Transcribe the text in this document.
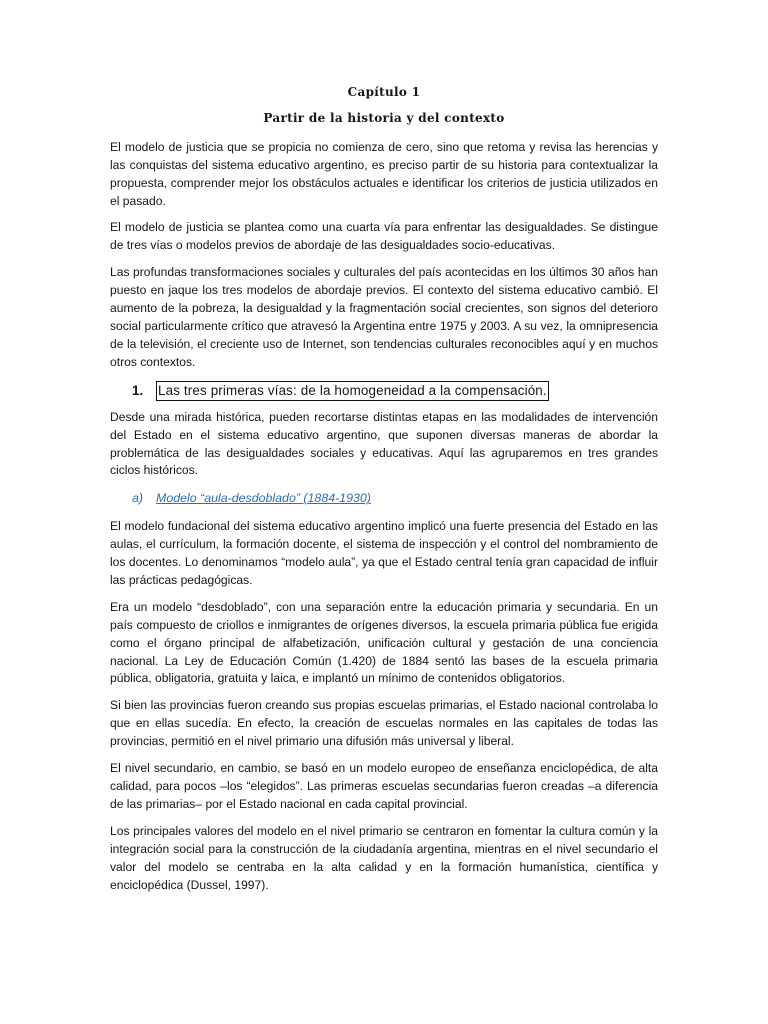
Capítulo 1
Partir de la historia y del contexto

El modelo de justicia que se propicia no comienza de cero, sino que retoma y revisa las herencias y las conquistas del sistema educativo argentino, es preciso partir de su historia para contextualizar la propuesta, comprender mejor los obstáculos actuales e identificar los criterios de justicia utilizados en el pasado.

El modelo de justicia se plantea como una cuarta vía para enfrentar las desigualdades. Se distingue de tres vías o modelos previos de abordaje de las desigualdades socio-educativas.

Las profundas transformaciones sociales y culturales del país acontecidas en los últimos 30 años han puesto en jaque los tres modelos de abordaje previos. El contexto del sistema educativo cambió. El aumento de la pobreza, la desigualdad y la fragmentación social crecientes, son signos del deterioro social particularmente crítico que atravesó la Argentina entre 1975 y 2003. A su vez, la omnipresencia de la televisión, el creciente uso de Internet, son tendencias culturales reconocibles aquí y en muchos otros contextos.

1.	Las tres primeras vías: de la homogeneidad a la compensación.

Desde una mirada histórica, pueden recortarse distintas etapas en las modalidades de intervención del Estado en el sistema educativo argentino, que suponen diversas maneras de abordar la problemática de las desigualdades sociales y educativas. Aquí las agruparemos en tres grandes ciclos históricos.

a) Modelo “aula-desdoblado” (1884-1930)

El modelo fundacional del sistema educativo argentino implicó una fuerte presencia del Estado en las aulas, el currículum, la formación docente, el sistema de inspección y el control del nombramiento de los docentes. Lo denominamos “modelo aula”, ya que el Estado central tenía gran capacidad de influir las prácticas pedagógicas.

Era un modelo “desdoblado”, con una separación entre la educación primaria y secundaria. En un país compuesto de criollos e inmigrantes de orígenes diversos, la escuela primaria pública fue erigida como el órgano principal de alfabetización, unificación cultural y gestación de una conciencia nacional. La Ley de Educación Común (1.420) de 1884 sentó las bases de la escuela primaria pública, obligatoria, gratuita y laica, e implantó un mínimo de contenidos obligatorios.

Si bien las provincias fueron creando sus propias escuelas primarias, el Estado nacional controlaba lo que en ellas sucedía. En efecto, la creación de escuelas normales en las capitales de todas las provincias, permitió en el nivel primario una difusión más universal y liberal.

El nivel secundario, en cambio, se basó en un modelo europeo de enseñanza enciclopédica, de alta calidad, para pocos –los “elegidos”. Las primeras escuelas secundarias fueron creadas –a diferencia de las primarias– por el Estado nacional en cada capital provincial.

Los principales valores del modelo en el nivel primario se centraron en fomentar la cultura común y la integración social para la construcción de la ciudadanía argentina, mientras en el nivel secundario el valor del modelo se centraba en la alta calidad y en la formación humanística, científica y enciclopédica (Dussel, 1997).
